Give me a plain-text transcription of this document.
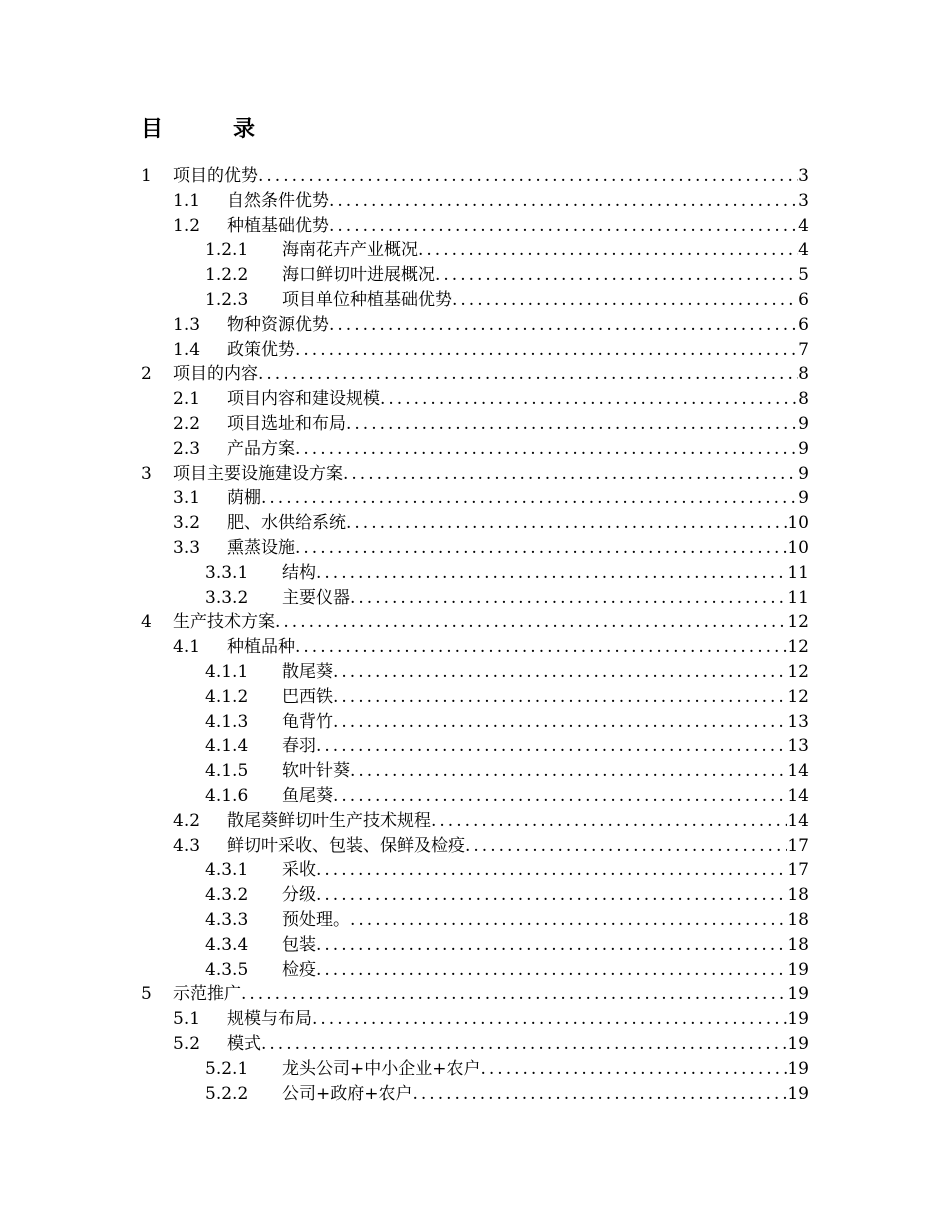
目	录
1	项目的优势 .....	3
1.1	自然条件优势 .....	3
1.2	种植基础优势 .....	4
1.2.1	海南花卉产业概况 .....	4
1.2.2	海口鲜切叶进展概况 .....	5
1.2.3	项目单位种植基础优势 .....	6
1.3	物种资源优势 .....	6
1.4	政策优势 .....	7
2	项目的内容 .....	8
2.1	项目内容和建设规模 .....	8
2.2	项目选址和布局 .....	9
2.3	产品方案 .....	9
3	项目主要设施建设方案 .....	9
3.1	荫棚 .....	9
3.2	肥、水供给系统 .....	10
3.3	熏蒸设施 .....	10
3.3.1	结构 .....	11
3.3.2	主要仪器 .....	11
4	生产技术方案 .....	12
4.1	种植品种 .....	12
4.1.1	散尾葵 .....	12
4.1.2	巴西铁 .....	12
4.1.3	龟背竹 .....	13
4.1.4	春羽 .....	13
4.1.5	软叶针葵 .....	14
4.1.6	鱼尾葵 .....	14
4.2	散尾葵鲜切叶生产技术规程 .....	14
4.3	鲜切叶采收、包装、保鲜及检疫 .....	17
4.3.1	采收 .....	17
4.3.2	分级 .....	18
4.3.3	预处理。 .....	18
4.3.4	包装 .....	18
4.3.5	检疫 .....	19
5	示范推广 .....	19
5.1	规模与布局 .....	19
5.2	模式 .....	19
5.2.1	龙头公司+中小企业+农户 .....	19
5.2.2	公司+政府+农户 .....	19
